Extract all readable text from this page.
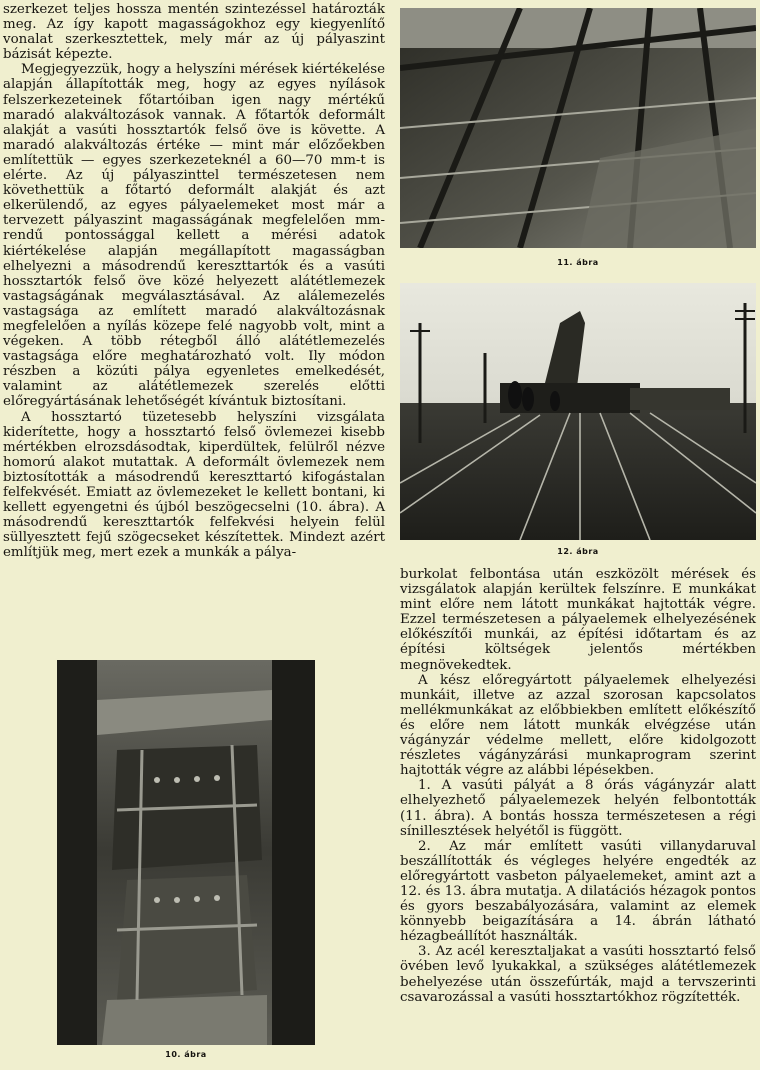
szerkezet teljes hossza mentén szintezéssel határozták meg. Az így kapott magasságokhoz egy kiegyenlítő vonalat szerkesztettek, mely már az új pályaszint bázisát képezte.

Megjegyezzük, hogy a helyszíni mérések kiértékelése alapján állapították meg, hogy az egyes nyílások felszerkezeteinek főtartóiban igen nagy mértékű maradó alakváltozások vannak. A főtartók deformált alakját a vasúti hossztartók felső öve is követte. A maradó alakváltozás értéke — mint már előzőekben említettük — egyes szerkezeteknél a 60—70 mm-t is elérte. Az új pályaszinttel természetesen nem követhettük a főtartó deformált alakját és azt elkerülendő, az egyes pályaelemeket most már a tervezett pályaszint magasságának megfelelően mm-rendű pontossággal kellett a mérési adatok kiértékelése alapján megállapított magasságban elhelyezni a másodrendű kereszttartók és a vasúti hossztartók felső öve közé helyezett alátétlemezek vastagságának megválasztásával. Az alálemezelés vastagsága az említett maradó alakváltozásnak megfelelően a nyílás közepe felé nagyobb volt, mint a végeken. A több rétegből álló alátétlemezelés vastagsága előre meghatározható volt. Ily módon részben a közúti pálya egyenletes emelkedését, valamint az alátétlemezek szerelés előtti előregyártásának lehetőségét kívántuk biztosítani.

A hossztartó tüzetesebb helyszíni vizsgálata kiderítette, hogy a hossztartó felső övlemezei kisebb mértékben elrozsdásodtak, kiperdültek, felülről nézve homorú alakot mutattak. A deformált övlemezek nem biztosították a másodrendű kereszttartó kifogástalan felfekvését. Emiatt az övlemezeket le kellett bontani, ki kellett egyengetni és újból beszögecselni (10. ábra). A másodrendű kereszttartók felfekvési helyein felül süllyesztett fejű szögecseket készítettek. Mindezt azért említjük meg, mert ezek a munkák a pálya-

10. ábra
11. ábra
12. ábra

burkolat felbontása után eszközölt mérések és vizsgálatok alapján kerültek felszínre. E munkákat mint előre nem látott munkákat hajtották végre. Ezzel természetesen a pályaelemek elhelyezésének előkészítői munkái, az építési időtartam és az építési költségek jelentős mértékben megnövekedtek.

A kész előregyártott pályaelemek elhelyezési munkáit, illetve az azzal szorosan kapcsolatos mellékmunkákat az előbbiekben említett előkészítő és előre nem látott munkák elvégzése után vágányzár védelme mellett, előre kidolgozott részletes vágányzárási munkaprogram szerint hajtották végre az alábbi lépésekben.

1. A vasúti pályát a 8 órás vágányzár alatt elhelyezhető pályaelemezek helyén felbontották (11. ábra). A bontás hossza természetesen a régi sínillesztések helyétől is függött.

2. Az már említett vasúti villanydaruval beszállították és végleges helyére engedték az előregyártott vasbeton pályaelemeket, amint azt a 12. és 13. ábra mutatja. A dilatációs hézagok pontos és gyors beszabályozására, valamint az elemek könnyebb beigazítására a 14. ábrán látható hézagbeállítót használták.

3. Az acél keresztaljakat a vasúti hossztartó felső övében levő lyukakkal, a szükséges alátétlemezek behelyezése után összefúrták, majd a tervszerinti csavarozással a vasúti hossztartókhoz rögzítették.
